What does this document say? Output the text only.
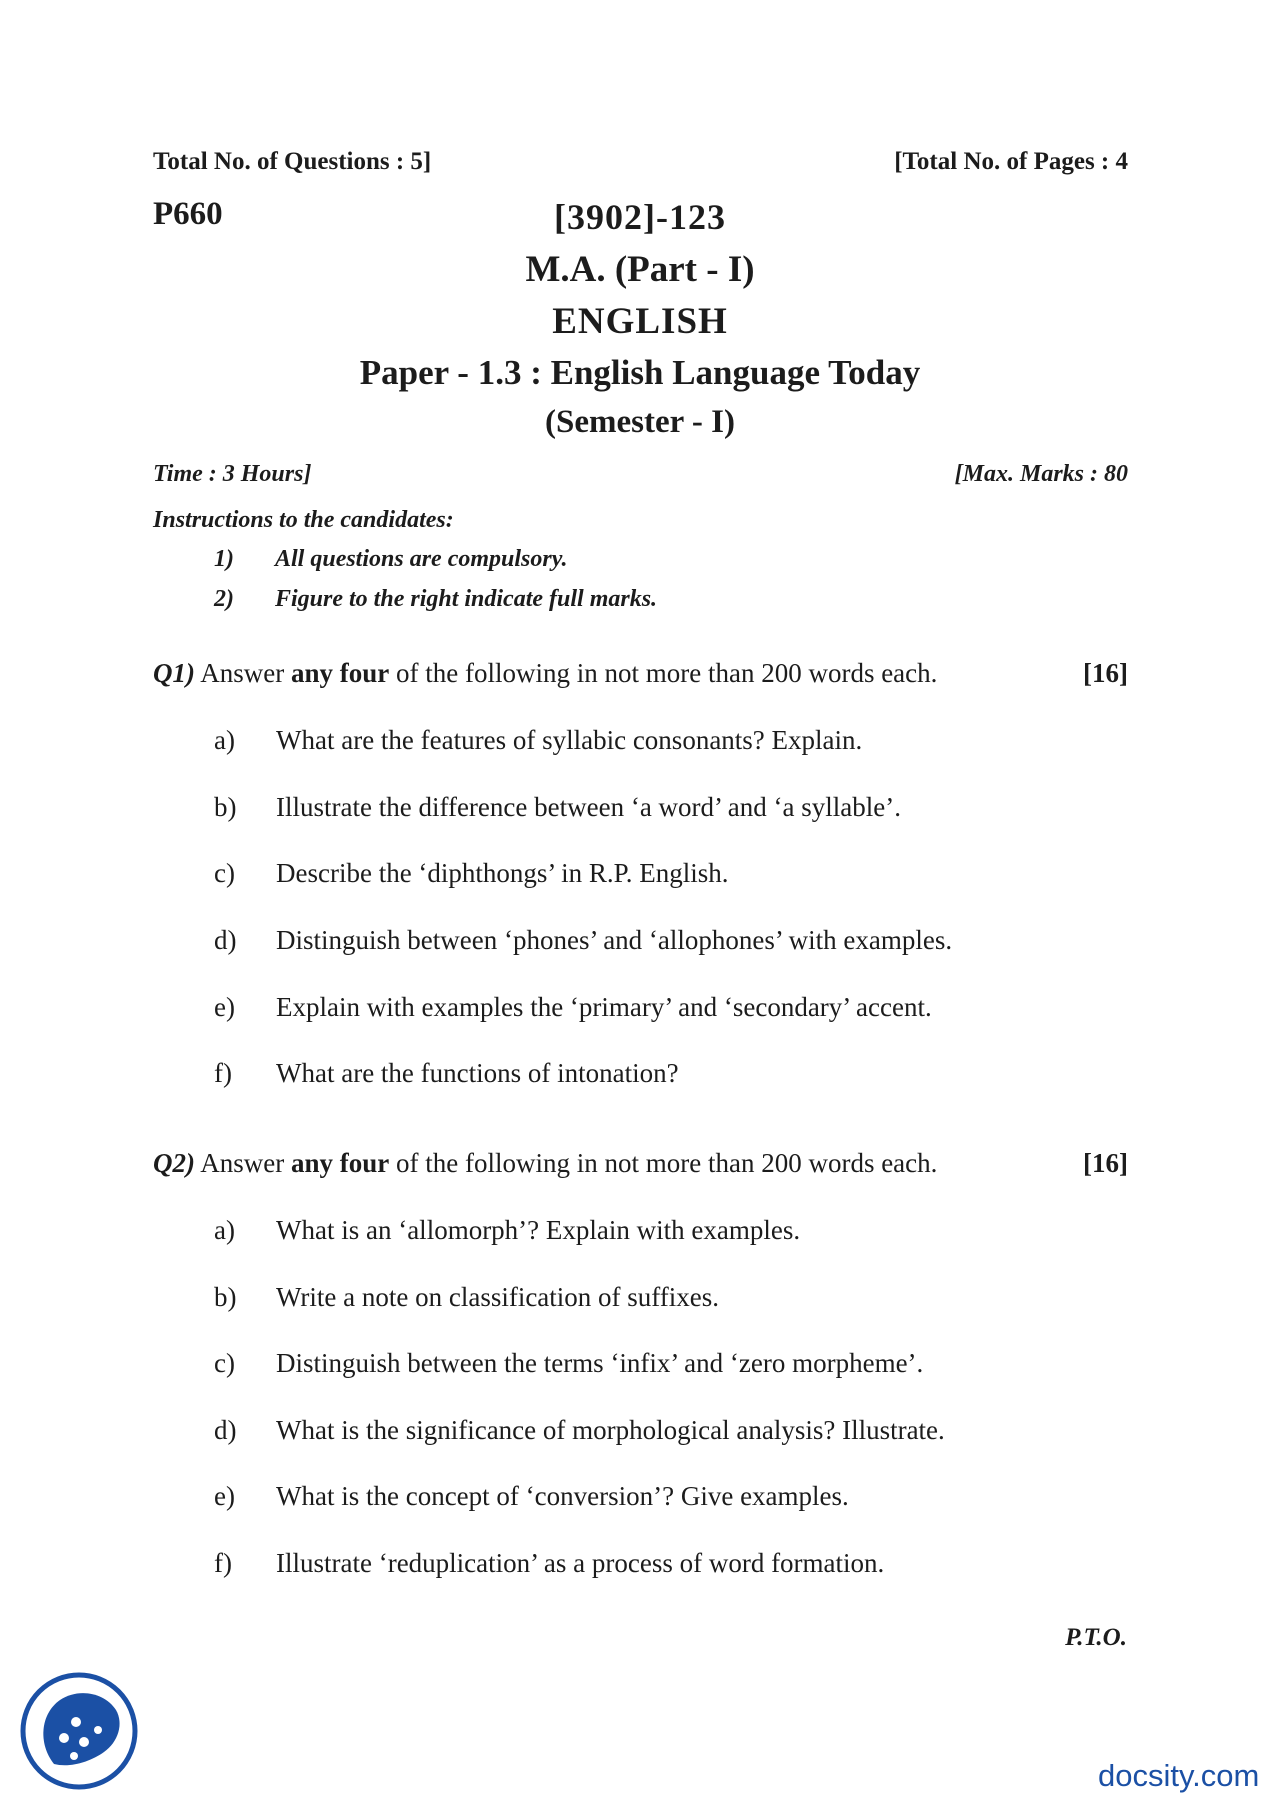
Total No. of Questions : 5]	[Total No. of Pages : 4
P660	[3902]-123
M.A. (Part - I)
ENGLISH
Paper - 1.3 : English Language Today
(Semester - I)
Time : 3 Hours]	[Max. Marks : 80
Instructions to the candidates:
1) All questions are compulsory.
2) Figure to the right indicate full marks.
Q1) Answer any four of the following in not more than 200 words each.	[16]
a) What are the features of syllabic consonants? Explain.
b) Illustrate the difference between ‘a word’ and ‘a syllable’.
c) Describe the ‘diphthongs’ in R.P. English.
d) Distinguish between ‘phones’ and ‘allophones’ with examples.
e) Explain with examples the ‘primary’ and ‘secondary’ accent.
f) What are the functions of intonation?
Q2) Answer any four of the following in not more than 200 words each.	[16]
a) What is an ‘allomorph’? Explain with examples.
b) Write a note on classification of suffixes.
c) Distinguish between the terms ‘infix’ and ‘zero morpheme’.
d) What is the significance of morphological analysis? Illustrate.
e) What is the concept of ‘conversion’? Give examples.
f) Illustrate ‘reduplication’ as a process of word formation.
P.T.O.
docsity.com
